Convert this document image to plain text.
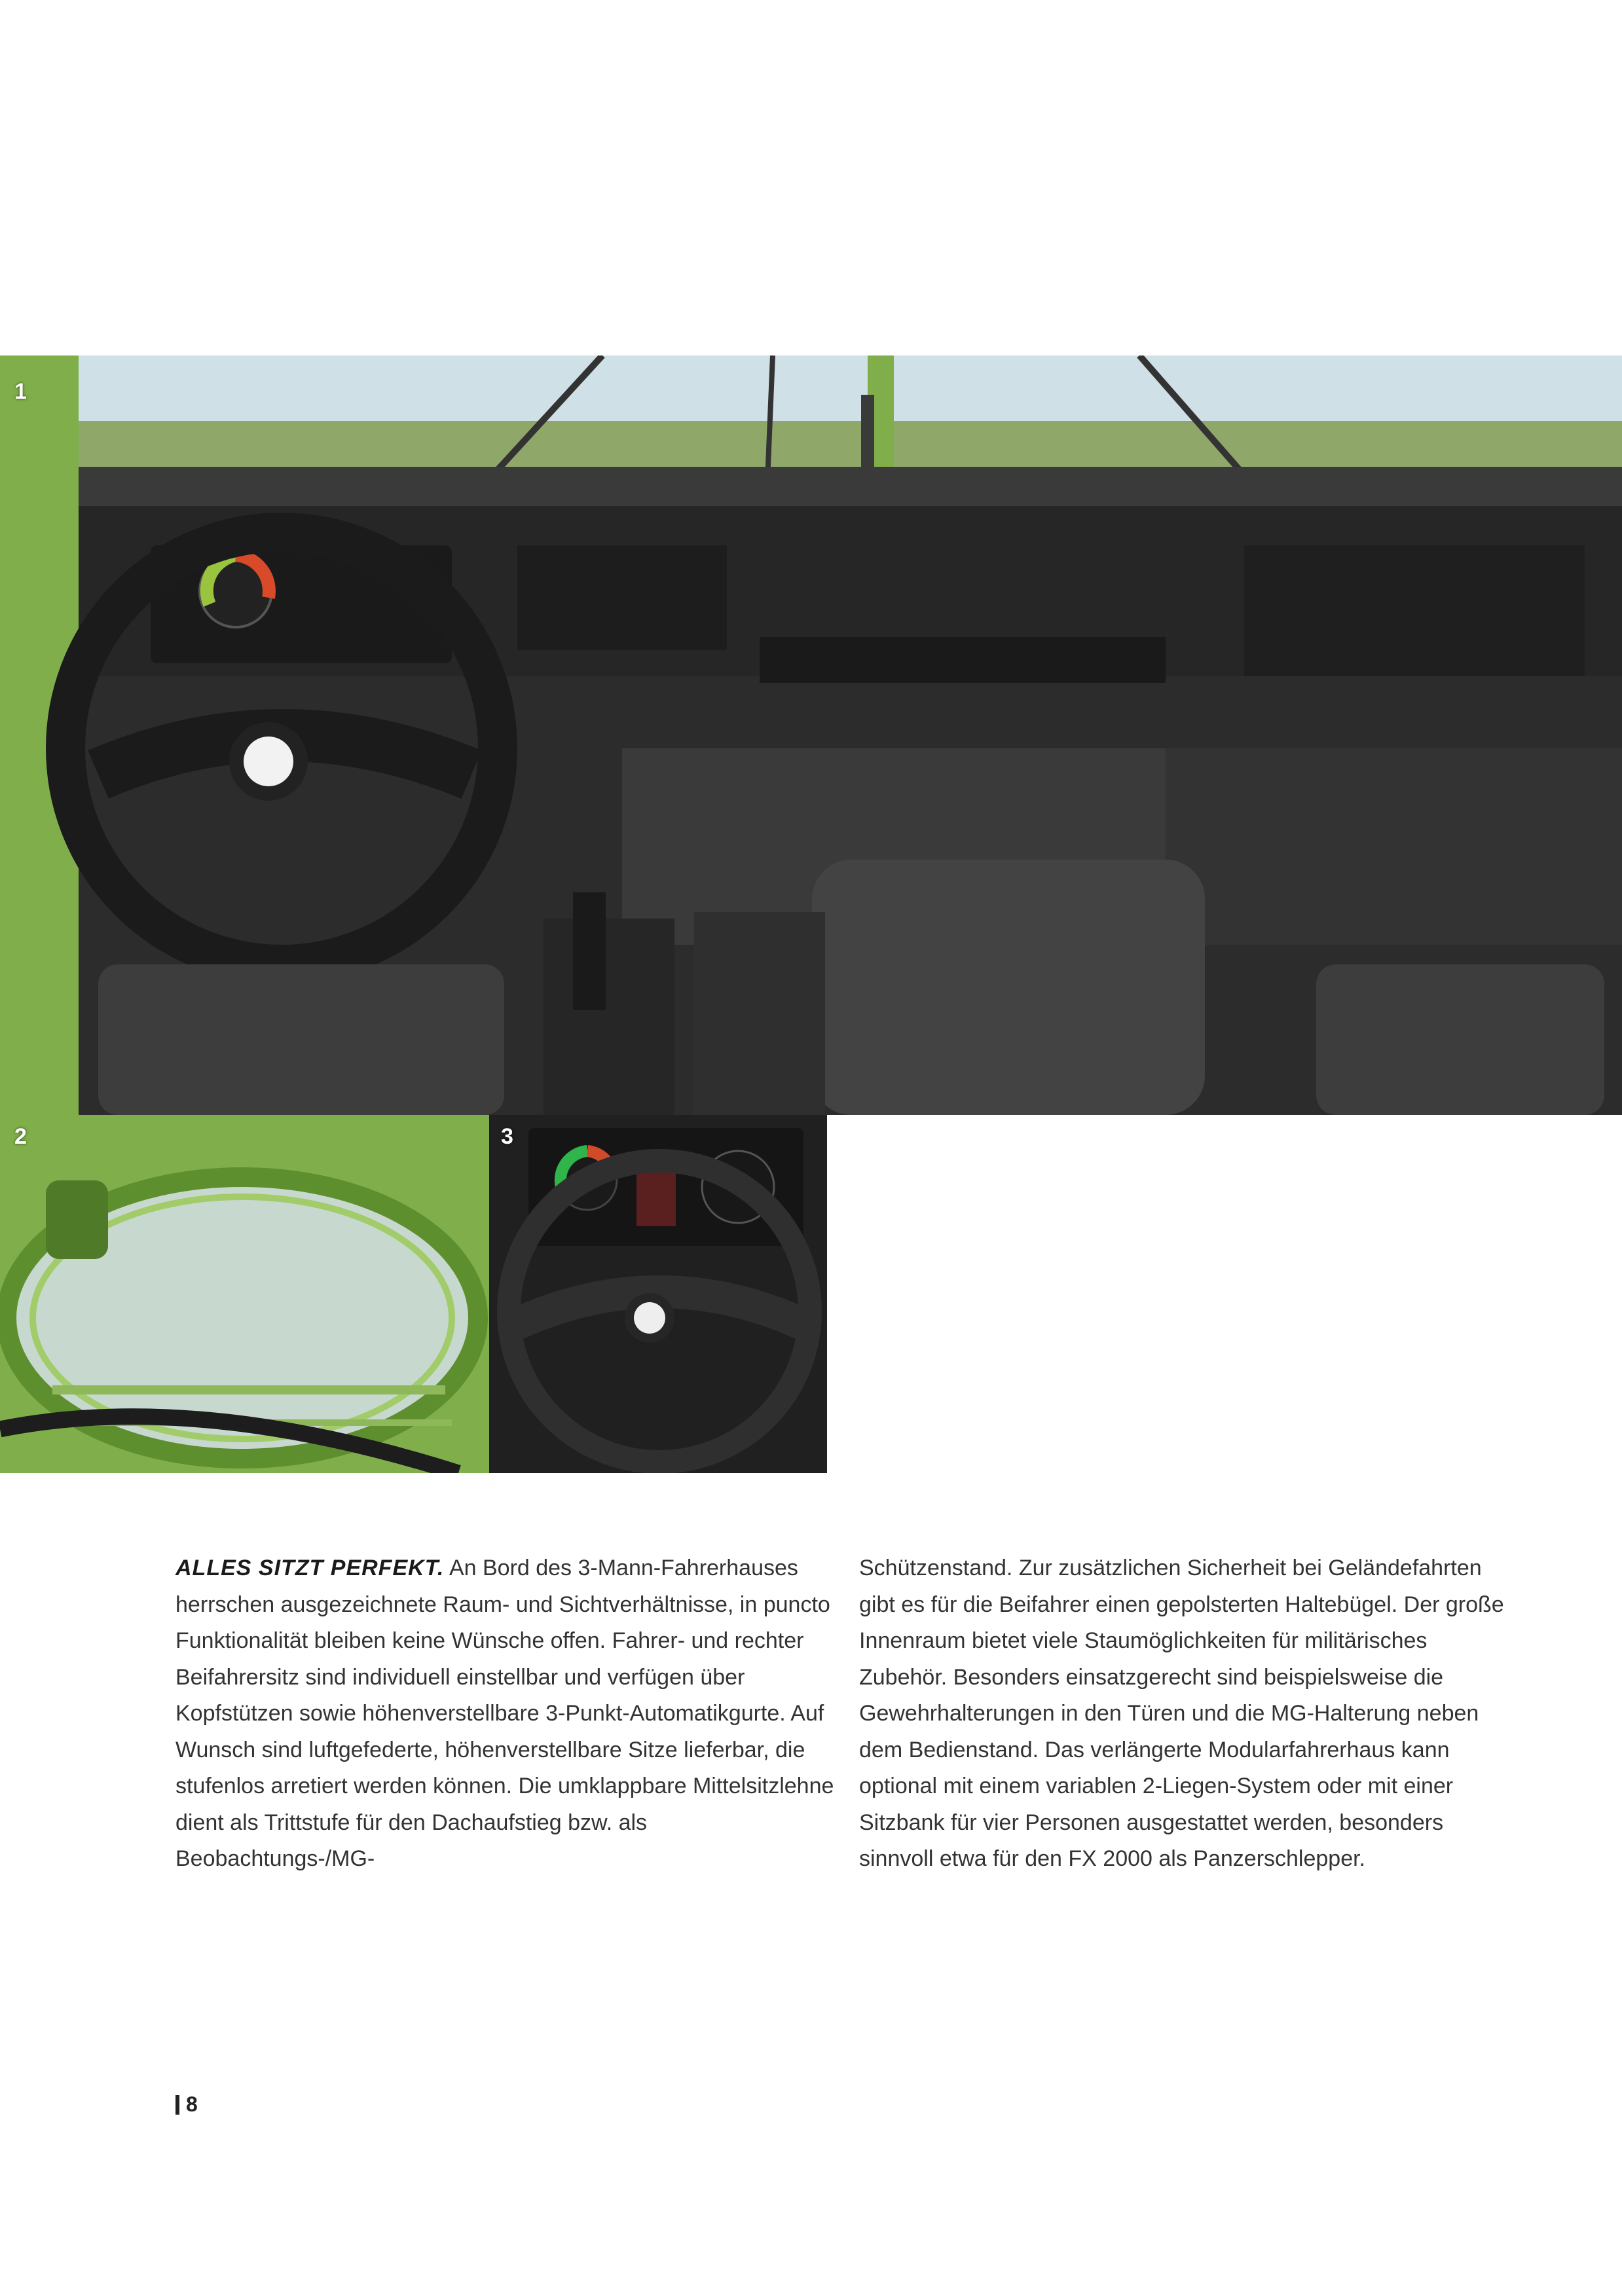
1
2	3

ALLES SITZT PERFEKT. An Bord des 3-Mann-Fahrerhauses herrschen ausgezeichnete Raum- und Sichtverhältnisse, in puncto Funktionalität bleiben keine Wünsche offen. Fahrer- und rechter Beifahrersitz sind individuell einstellbar und verfügen über Kopfstützen sowie höhenverstellbare 3-Punkt-Automatikgurte. Auf Wunsch sind luftgefederte, höhenverstellbare Sitze lieferbar, die stufenlos arretiert werden können. Die umklappbare Mittelsitzlehne dient als Trittstufe für den Dachaufstieg bzw. als Beobachtungs-/MG-

Schützenstand. Zur zusätzlichen Sicherheit bei Geländefahrten gibt es für die Beifahrer einen gepolsterten Haltebügel. Der große Innenraum bietet viele Staumöglichkeiten für militärisches Zubehör. Besonders einsatzgerecht sind beispielsweise die Gewehrhalterungen in den Türen und die MG-Halterung neben dem Bedienstand. Das verlängerte Modularfahrerhaus kann optional mit einem variablen 2-Liegen-System oder mit einer Sitzbank für vier Personen ausgestattet werden, besonders sinnvoll etwa für den FX 2000 als Panzerschlepper.

8
